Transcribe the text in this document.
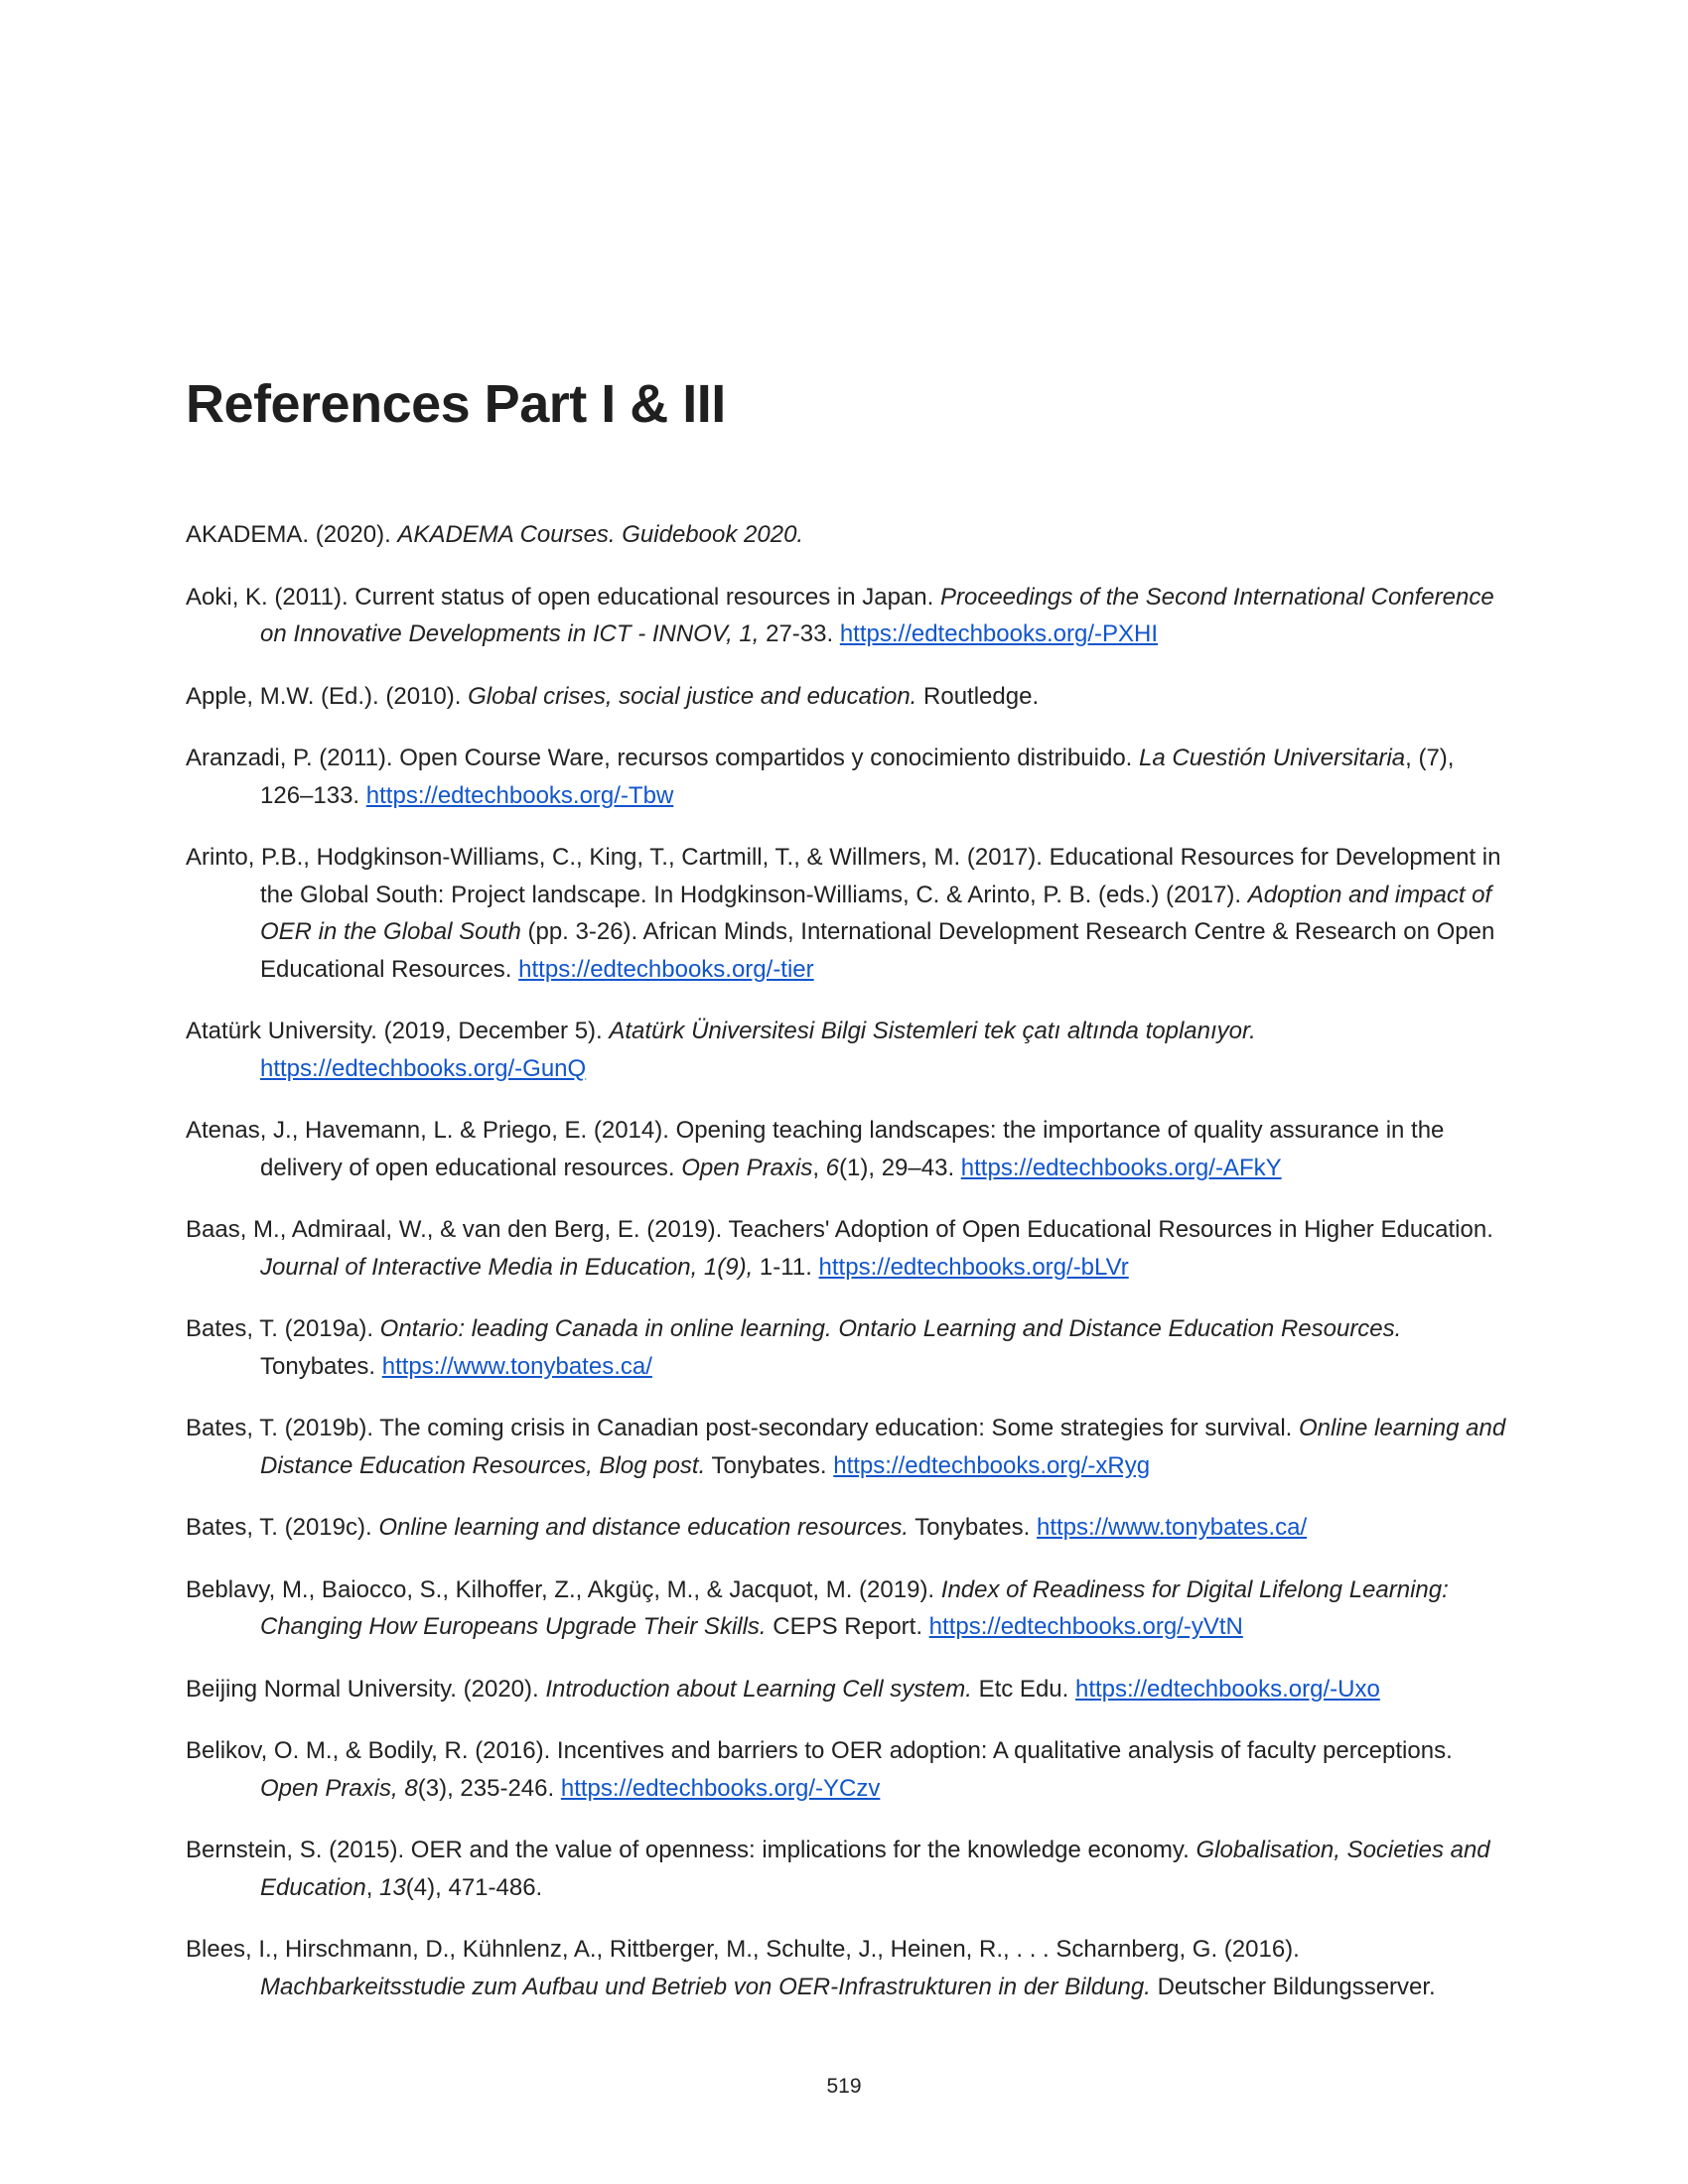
References Part I & III
AKADEMA. (2020). AKADEMA Courses. Guidebook 2020.
Aoki, K. (2011). Current status of open educational resources in Japan. Proceedings of the Second International Conference on Innovative Developments in ICT - INNOV, 1, 27-33. https://edtechbooks.org/-PXHI
Apple, M.W. (Ed.). (2010). Global crises, social justice and education. Routledge.
Aranzadi, P. (2011). Open Course Ware, recursos compartidos y conocimiento distribuido. La Cuestión Universitaria, (7), 126–133. https://edtechbooks.org/-Tbw
Arinto, P.B., Hodgkinson-Williams, C., King, T., Cartmill, T., & Willmers, M. (2017). Educational Resources for Development in the Global South: Project landscape. In Hodgkinson-Williams, C. & Arinto, P. B. (eds.) (2017). Adoption and impact of OER in the Global South (pp. 3-26). African Minds, International Development Research Centre & Research on Open Educational Resources. https://edtechbooks.org/-tier
Atatürk University. (2019, December 5). Atatürk Üniversitesi Bilgi Sistemleri tek çatı altında toplanıyor. https://edtechbooks.org/-GunQ
Atenas, J., Havemann, L. & Priego, E. (2014). Opening teaching landscapes: the importance of quality assurance in the delivery of open educational resources. Open Praxis, 6(1), 29–43. https://edtechbooks.org/-AFkY
Baas, M., Admiraal, W., & van den Berg, E. (2019). Teachers' Adoption of Open Educational Resources in Higher Education. Journal of Interactive Media in Education, 1(9), 1-11. https://edtechbooks.org/-bLVr
Bates, T. (2019a). Ontario: leading Canada in online learning. Ontario Learning and Distance Education Resources. Tonybates. https://www.tonybates.ca/
Bates, T. (2019b). The coming crisis in Canadian post-secondary education: Some strategies for survival. Online learning and Distance Education Resources, Blog post. Tonybates. https://edtechbooks.org/-xRyg
Bates, T. (2019c). Online learning and distance education resources. Tonybates. https://www.tonybates.ca/
Beblavy, M., Baiocco, S., Kilhoffer, Z., Akgüç, M., & Jacquot, M. (2019). Index of Readiness for Digital Lifelong Learning: Changing How Europeans Upgrade Their Skills. CEPS Report. https://edtechbooks.org/-yVtN
Beijing Normal University. (2020). Introduction about Learning Cell system. Etc Edu. https://edtechbooks.org/-Uxo
Belikov, O. M., & Bodily, R. (2016). Incentives and barriers to OER adoption: A qualitative analysis of faculty perceptions. Open Praxis, 8(3), 235-246. https://edtechbooks.org/-YCzv
Bernstein, S. (2015). OER and the value of openness: implications for the knowledge economy. Globalisation, Societies and Education, 13(4), 471-486.
Blees, I., Hirschmann, D., Kühnlenz, A., Rittberger, M., Schulte, J., Heinen, R., . . . Scharnberg, G. (2016). Machbarkeitsstudie zum Aufbau und Betrieb von OER-Infrastrukturen in der Bildung. Deutscher Bildungsserver.
519
